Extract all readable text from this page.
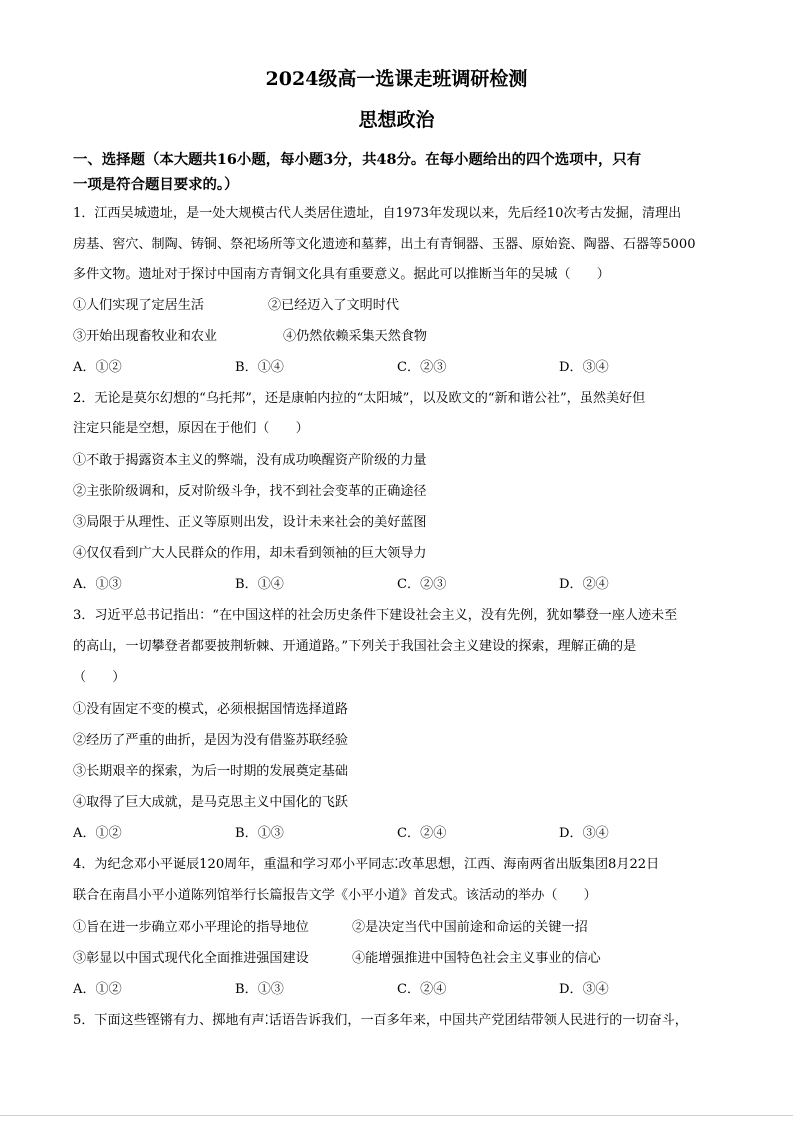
2024级高一选课走班调研检测
思想政治
一、选择题（本大题共16小题，每小题3分，共48分。在每小题给出的四个选项中，只有
一项是符合题目要求的。）
1．江西吴城遗址，是一处大规模古代人类居住遗址，自1973年发现以来，先后经10次考古发掘，清理出
房基、窖穴、制陶、铸铜、祭祀场所等文化遗迹和墓葬，出土有青铜器、玉器、原始瓷、陶器、石器等5000
多件文物。遗址对于探讨中国南方青铜文化具有重要意义。据此可以推断当年的吴城（　　）
①人们实现了定居生活	②已经迈入了文明时代
③开始出现畜牧业和农业	④仍然依赖采集天然食物
A．①②	B．①④	C．②③	D．③④
2．无论是莫尔幻想的“乌托邦”，还是康帕内拉的“太阳城”，以及欧文的“新和谐公社”，虽然美好但
注定只能是空想，原因在于他们（　　）
①不敢于揭露资本主义的弊端，没有成功唤醒资产阶级的力量
②主张阶级调和，反对阶级斗争，找不到社会变革的正确途径
③局限于从理性、正义等原则出发，设计未来社会的美好蓝图
④仅仅看到广大人民群众的作用，却未看到领袖的巨大领导力
A．①③	B．①④	C．②③	D．②④
3．习近平总书记指出：“在中国这样的社会历史条件下建设社会主义，没有先例，犹如攀登一座人迹未至
的高山，一切攀登者都要披荆斩棘、开通道路。”下列关于我国社会主义建设的探索，理解正确的是
（　　）
①没有固定不变的模式，必须根据国情选择道路
②经历了严重的曲折，是因为没有借鉴苏联经验
③长期艰辛的探索，为后一时期的发展奠定基础
④取得了巨大成就，是马克思主义中国化的飞跃
A．①②	B．①③	C．②④	D．③④
4．为纪念邓小平诞辰120周年，重温和学习邓小平同志⁚改革思想，江西、海南两省出版集团8月22日
联合在南昌小平小道陈列馆举行长篇报告文学《小平小道》首发式。该活动的举办（　　）
①旨在进一步确立邓小平理论的指导地位	②是决定当代中国前途和命运的关键一招
③彰显以中国式现代化全面推进强国建设	④能增强推进中国特色社会主义事业的信心
A．①②	B．①③	C．②④	D．③④
5．下面这些铿锵有力、掷地有声⁚话语告诉我们，一百多年来，中国共产党团结带领人民进行的一切奋斗，
